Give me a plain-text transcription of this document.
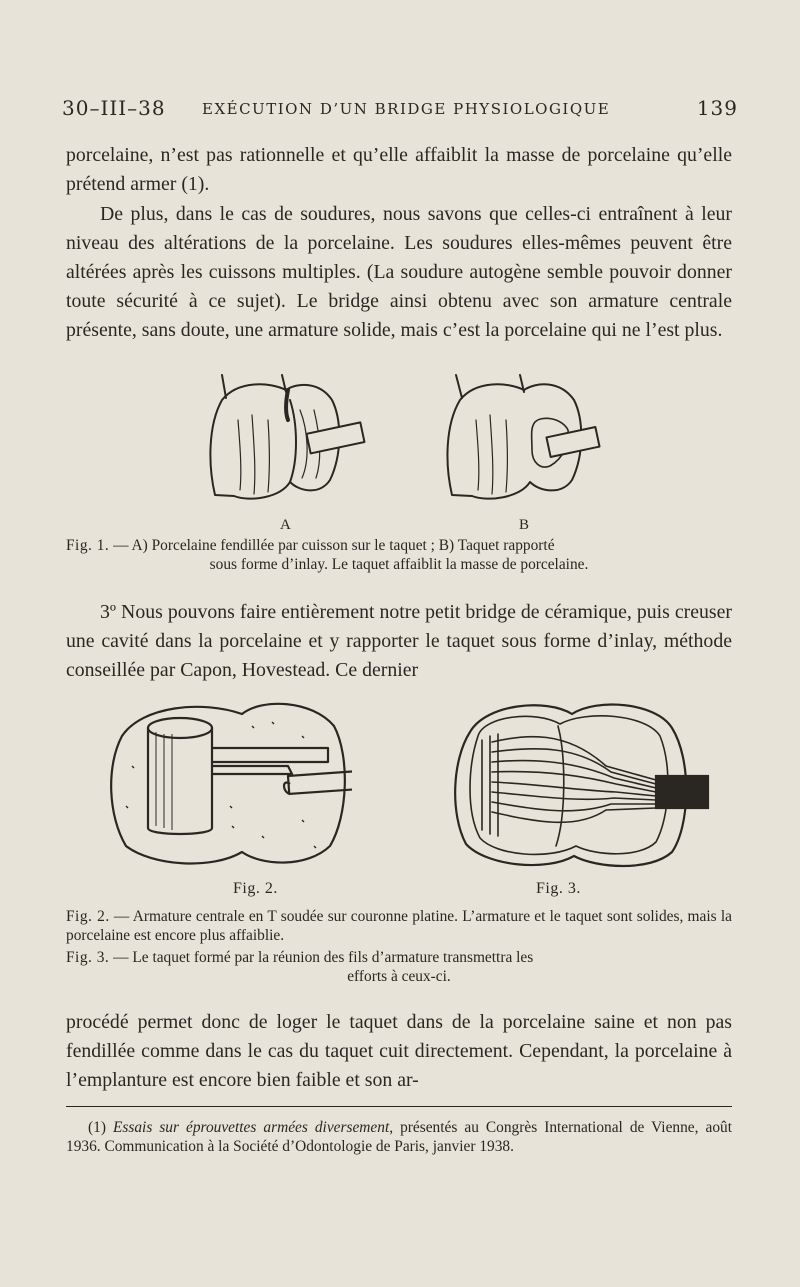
30–III–38 EXÉCUTION D’UN BRIDGE PHYSIOLOGIQUE	139

porcelaine, n’est pas rationnelle et qu’elle affaiblit la masse de porcelaine qu’elle prétend armer (1).

De plus, dans le cas de soudures, nous savons que celles-ci entraînent à leur niveau des altérations de la porcelaine. Les soudures elles-mêmes peuvent être altérées après les cuissons multiples. (La soudure autogène semble pouvoir donner toute sécurité à ce sujet). Le bridge ainsi obtenu avec son armature centrale présente, sans doute, une armature solide, mais c’est la porcelaine qui ne l’est plus.

A	B

Fig. 1. — A) Porcelaine fendillée par cuisson sur le taquet ; B) Taquet rapporté
sous forme d’inlay. Le taquet affaiblit la masse de porcelaine.

3º Nous pouvons faire entièrement notre petit bridge de céramique, puis creuser une cavité dans la porcelaine et y rapporter le taquet sous forme d’inlay, méthode conseillée par Capon, Hovestead. Ce dernier

Fig. 2.	Fig. 3.

Fig. 2. — Armature centrale en T soudée sur couronne platine. L’armature et le taquet sont solides, mais la porcelaine est encore plus affaiblie.

Fig. 3. — Le taquet formé par la réunion des fils d’armature transmettra les
efforts à ceux-ci.

procédé permet donc de loger le taquet dans de la porcelaine saine et non pas fendillée comme dans le cas du taquet cuit directement. Cependant, la porcelaine à l’emplanture est encore bien faible et son ar-

(1) Essais sur éprouvettes armées diversement, présentés au Congrès International de Vienne, août 1936. Communication à la Société d’Odontologie de Paris, janvier 1938.
